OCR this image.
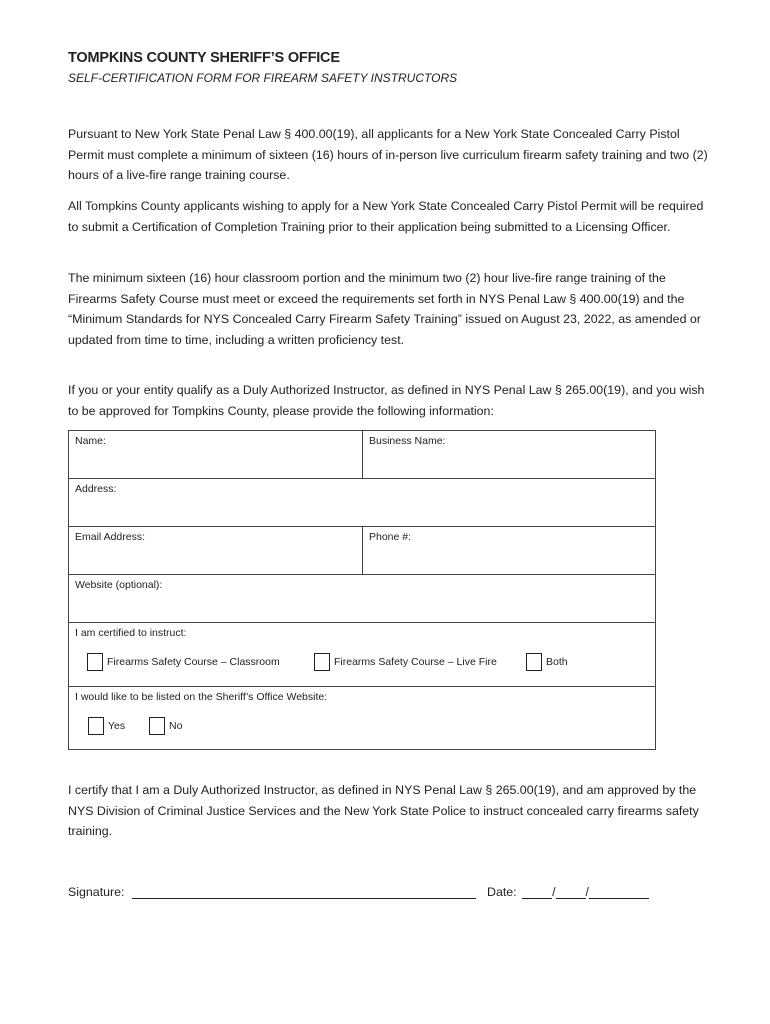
TOMPKINS COUNTY SHERIFF’S OFFICE
SELF-CERTIFICATION FORM FOR FIREARM SAFETY INSTRUCTORS
Pursuant to New York State Penal Law § 400.00(19), all applicants for a New York State Concealed Carry Pistol Permit must complete a minimum of sixteen (16) hours of in-person live curriculum firearm safety training and two (2) hours of a live-fire range training course.
All Tompkins County applicants wishing to apply for a New York State Concealed Carry Pistol Permit will be required to submit a Certification of Completion Training prior to their application being submitted to a Licensing Officer.
The minimum sixteen (16) hour classroom portion and the minimum two (2) hour live-fire range training of the Firearms Safety Course must meet or exceed the requirements set forth in NYS Penal Law § 400.00(19) and the “Minimum Standards for NYS Concealed Carry Firearm Safety Training” issued on August 23, 2022, as amended or updated from time to time, including a written proficiency test.
If you or your entity qualify as a Duly Authorized Instructor, as defined in NYS Penal Law § 265.00(19), and you wish to be approved for Tompkins County, please provide the following information:
Name:	Business Name:
Address:
Email Address:	Phone #:
Website (optional):
I am certified to instruct:
Firearms Safety Course – Classroom	Firearms Safety Course – Live Fire	Both
I would like to be listed on the Sheriff’s Office Website:
Yes	No
I certify that I am a Duly Authorized Instructor, as defined in NYS Penal Law § 265.00(19), and am approved by the NYS Division of Criminal Justice Services and the New York State Police to instruct concealed carry firearms safety training.
Signature:	Date:	/ /
